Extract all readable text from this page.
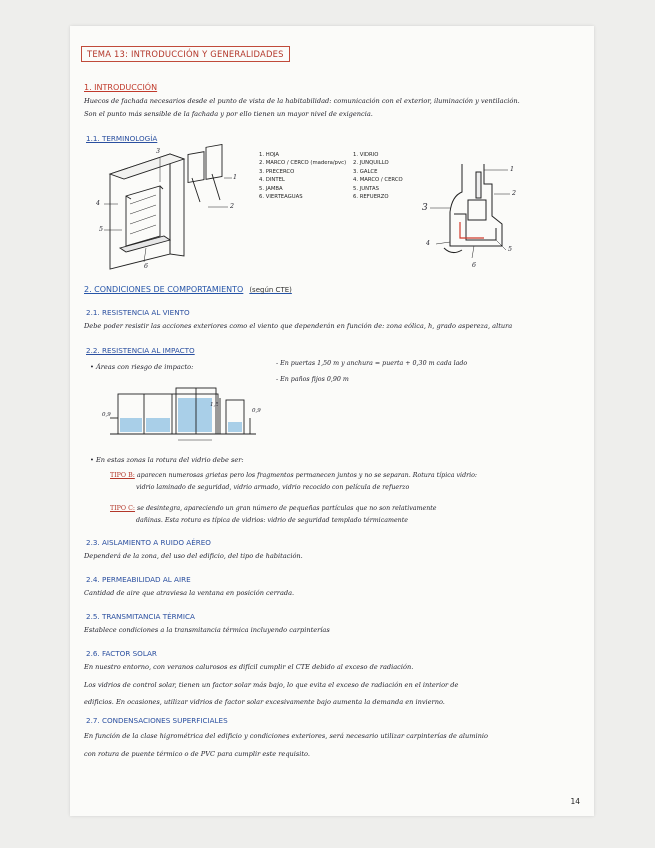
TEMA 13: INTRODUCCIÓN Y GENERALIDADES
1. INTRODUCCIÓN
Huecos de fachada necesarios desde el punto de vista de la habitabilidad: comunicación con el exterior, iluminación y ventilación.
Son el punto más sensible de la fachada y por ello tienen un mayor nivel de exigencia.
1.1. TERMINOLOGÍA
3
1
2
4
5
6
1. HOJA
2. MARCO / CERCO (madera/pvc)
3. PRECERCO
4. DINTEL
5. JAMBA
6. VIERTEAGUAS
1. VIDRIO
2. JUNQUILLO
3. GALCE
4. MARCO / CERCO
5. JUNTAS
6. REFUERZO
1
2
3
4
5
6
2. CONDICIONES DE COMPORTAMIENTO (según CTE)
2.1. RESISTENCIA AL VIENTO
Debe poder resistir las acciones exteriores como el viento que dependerán en función de: zona eólica, h, grado aspereza, altura
2.2. RESISTENCIA AL IMPACTO
• Áreas con riesgo de impacto:	- En puertas 1,50 m y anchura = puerta + 0,30 m cada lado
- En paños fijos 0,90 m
0,9
1,5
0,9
• En estas zonas la rotura del vidrio debe ser:
TIPO B: aparecen numerosas grietas pero los fragmentos permanecen juntos y no se separan. Rotura típica vidrio:
vidrio laminado de seguridad, vidrio armado, vidrio recocido con película de refuerzo
TIPO C: se desintegra, apareciendo un gran número de pequeñas partículas que no son relativamente
dañinas. Esta rotura es típica de vidrios: vidrio de seguridad templado térmicamente
2.3. AISLAMIENTO A RUIDO AÉREO
Dependerá de la zona, del uso del edificio, del tipo de habitación.
2.4. PERMEABILIDAD AL AIRE
Cantidad de aire que atraviesa la ventana en posición cerrada.
2.5. TRANSMITANCIA TÉRMICA
Establece condiciones a la transmitancia térmica incluyendo carpinterías
2.6. FACTOR SOLAR
En nuestro entorno, con veranos calurosos es difícil cumplir el CTE debido al exceso de radiación.
Los vidrios de control solar, tienen un factor solar más bajo, lo que evita el exceso de radiación en el interior de
edificios. En ocasiones, utilizar vidrios de factor solar excesivamente bajo aumenta la demanda en invierno.
2.7. CONDENSACIONES SUPERFICIALES
En función de la clase higrométrica del edificio y condiciones exteriores, será necesario utilizar carpinterías de aluminio
con rotura de puente térmico o de PVC para cumplir este requisito.
14
